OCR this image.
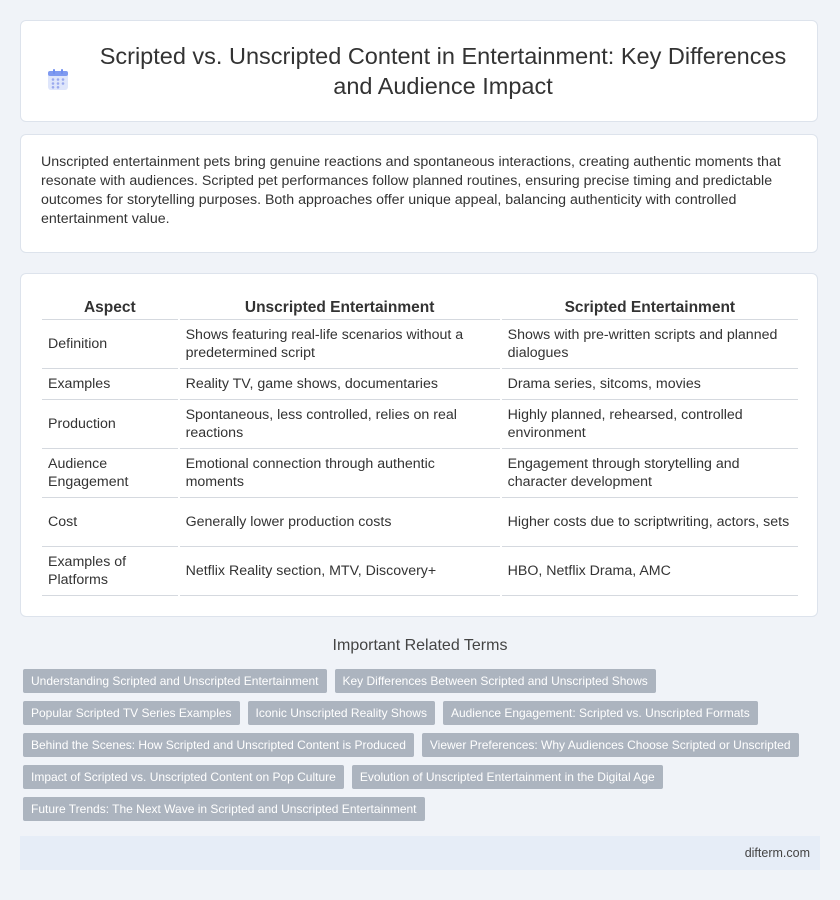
Scripted vs. Unscripted Content in Entertainment: Key Differences and Audience Impact

Unscripted entertainment pets bring genuine reactions and spontaneous interactions, creating authentic moments that resonate with audiences. Scripted pet performances follow planned routines, ensuring precise timing and predictable outcomes for storytelling purposes. Both approaches offer unique appeal, balancing authenticity with controlled entertainment value.

Aspect	Unscripted Entertainment	Scripted Entertainment
Definition	Shows featuring real-life scenarios without a predetermined script	Shows with pre-written scripts and planned dialogues
Examples	Reality TV, game shows, documentaries	Drama series, sitcoms, movies
Production	Spontaneous, less controlled, relies on real reactions	Highly planned, rehearsed, controlled environment
Audience Engagement	Emotional connection through authentic moments	Engagement through storytelling and character development
Cost	Generally lower production costs	Higher costs due to scriptwriting, actors, sets
Examples of Platforms	Netflix Reality section, MTV, Discovery+	HBO, Netflix Drama, AMC
Important Related Terms
Understanding Scripted and Unscripted Entertainment	Key Differences Between Scripted and Unscripted Shows
Popular Scripted TV Series Examples	Iconic Unscripted Reality Shows	Audience Engagement: Scripted vs. Unscripted Formats
Behind the Scenes: How Scripted and Unscripted Content is Produced	Viewer Preferences: Why Audiences Choose Scripted or Unscripted
Impact of Scripted vs. Unscripted Content on Pop Culture	Evolution of Unscripted Entertainment in the Digital Age
Future Trends: The Next Wave in Scripted and Unscripted Entertainment
difterm.com
